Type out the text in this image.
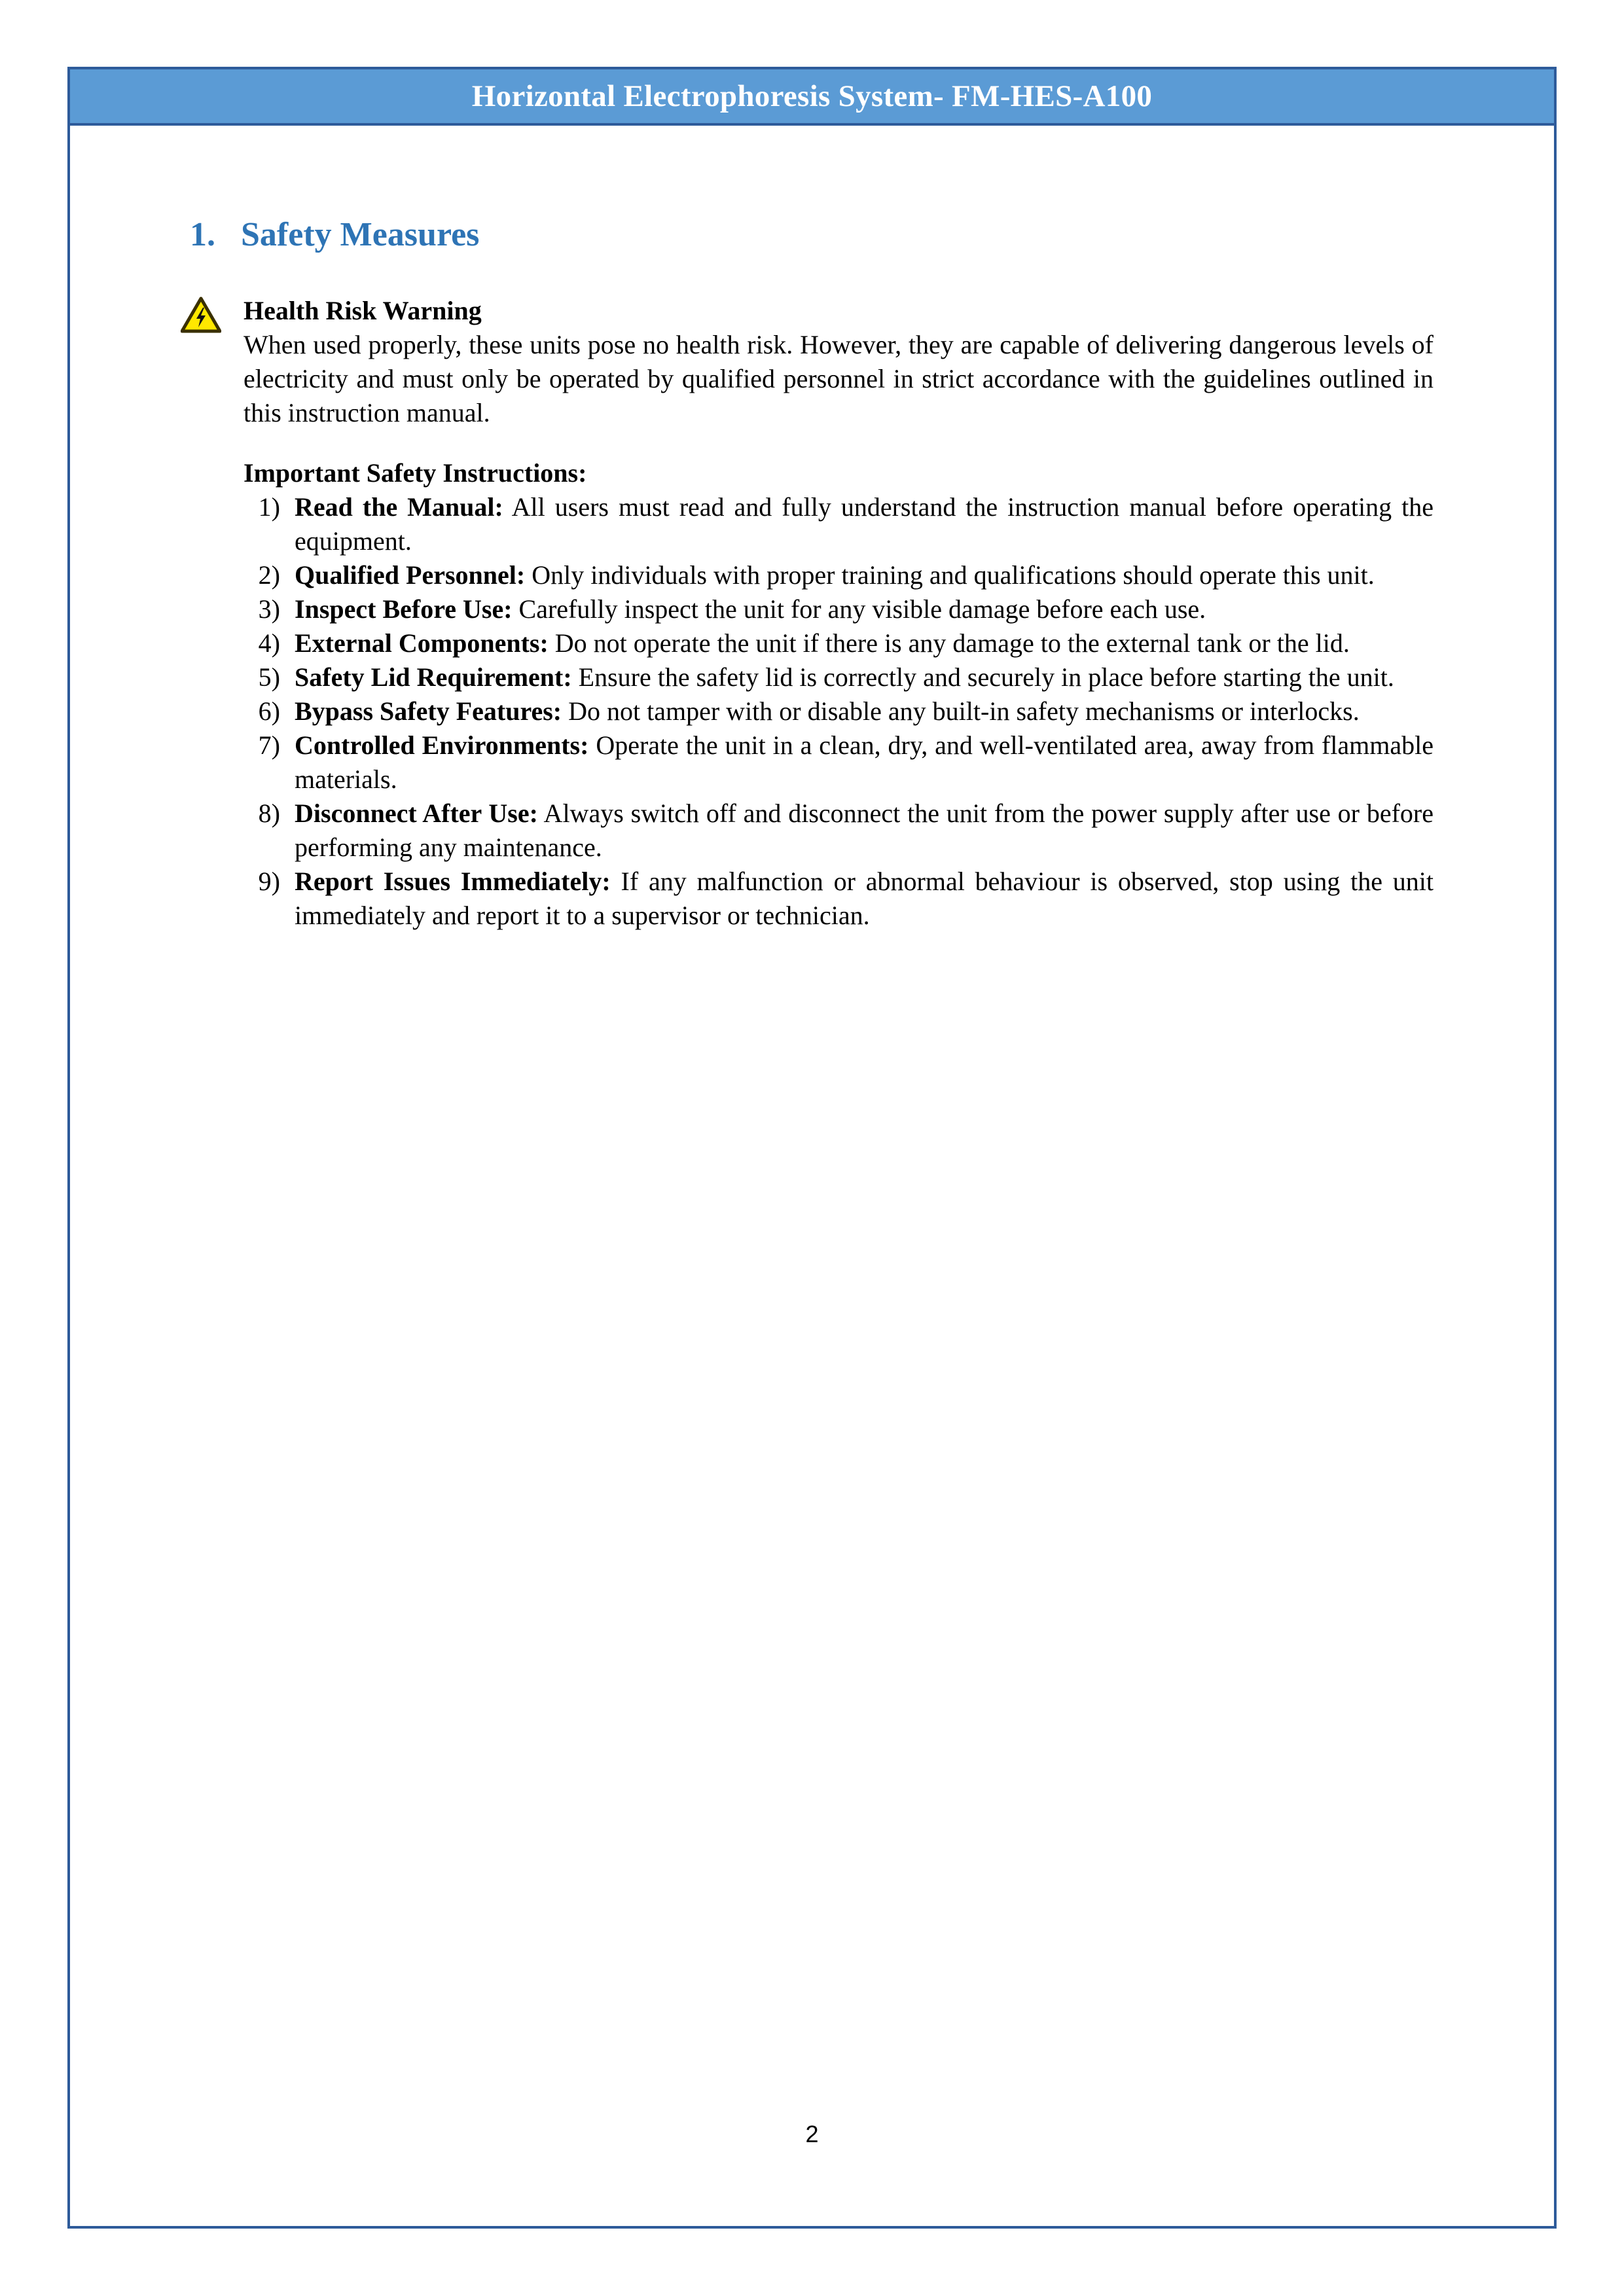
Horizontal Electrophoresis System- FM-HES-A100
1. Safety Measures

Health Risk Warning

When used properly, these units pose no health risk. However, they are capable of delivering dangerous levels of electricity and must only be operated by qualified personnel in strict accordance with the guidelines outlined in this instruction manual.

Important Safety Instructions:

1) Read the Manual: All users must read and fully understand the instruction manual before operating the equipment.
2) Qualified Personnel: Only individuals with proper training and qualifications should operate this unit.
3) Inspect Before Use: Carefully inspect the unit for any visible damage before each use.
4) External Components: Do not operate the unit if there is any damage to the external tank or the lid.
5) Safety Lid Requirement: Ensure the safety lid is correctly and securely in place before starting the unit.
6) Bypass Safety Features: Do not tamper with or disable any built-in safety mechanisms or interlocks.
7) Controlled Environments: Operate the unit in a clean, dry, and well-ventilated area, away from flammable materials.
8) Disconnect After Use: Always switch off and disconnect the unit from the power supply after use or before performing any maintenance.
9) Report Issues Immediately: If any malfunction or abnormal behaviour is observed, stop using the unit immediately and report it to a supervisor or technician.
2
